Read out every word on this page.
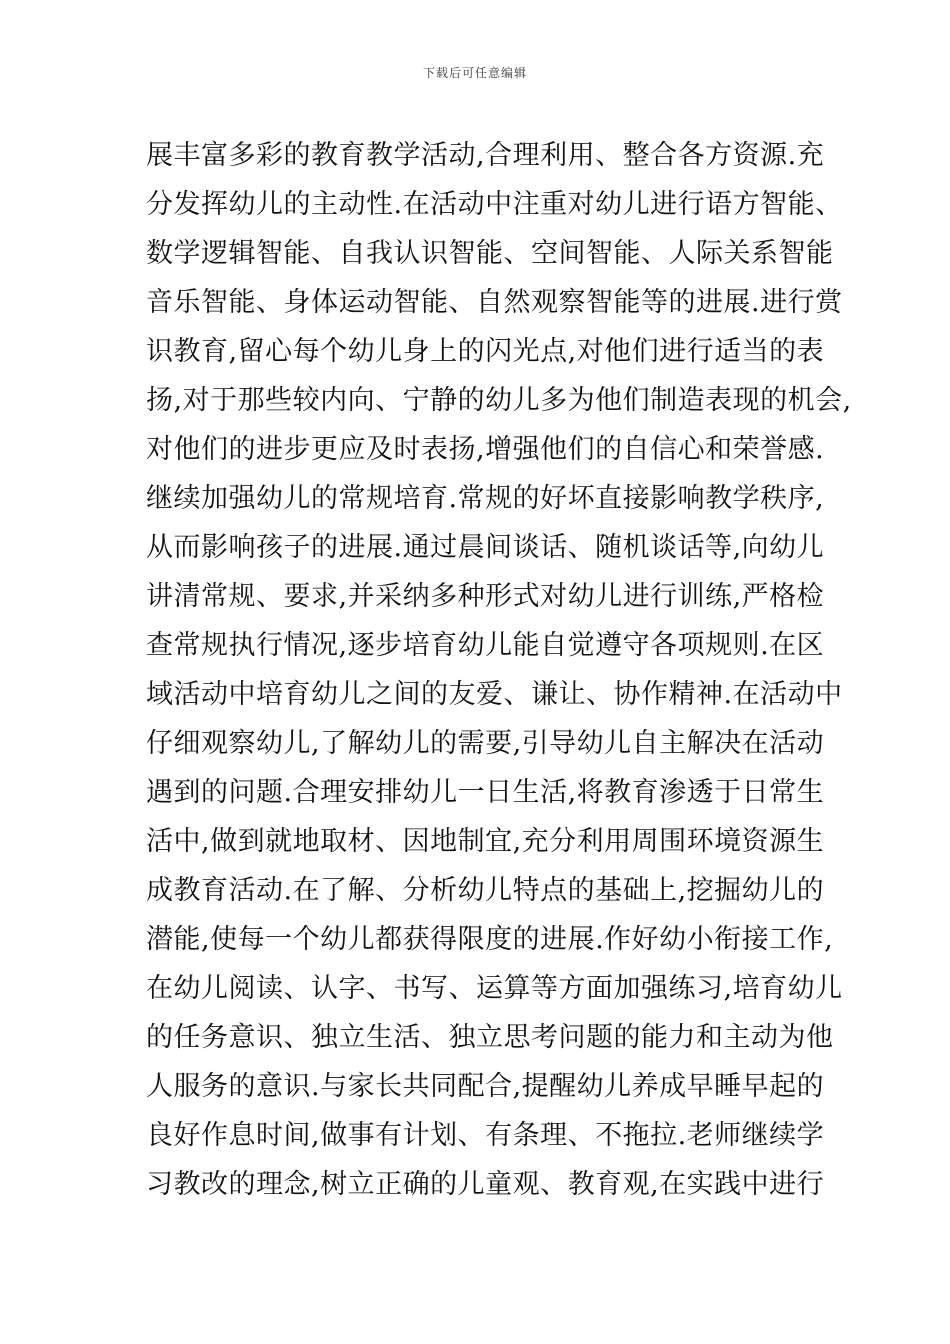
下载后可任意编辑
展丰富多彩的教育教学活动,合理利用、整合各方资源.充
分发挥幼儿的主动性.在活动中注重对幼儿进行语方智能、
数学逻辑智能、自我认识智能、空间智能、人际关系智能
音乐智能、身体运动智能、自然观察智能等的进展.进行赏
识教育,留心每个幼儿身上的闪光点,对他们进行适当的表
扬,对于那些较内向、宁静的幼儿多为他们制造表现的机会,
对他们的进步更应及时表扬,增强他们的自信心和荣誉感.
继续加强幼儿的常规培育.常规的好坏直接影响教学秩序,
从而影响孩子的进展.通过晨间谈话、随机谈话等,向幼儿
讲清常规、要求,并采纳多种形式对幼儿进行训练,严格检
查常规执行情况,逐步培育幼儿能自觉遵守各项规则.在区
域活动中培育幼儿之间的友爱、谦让、协作精神.在活动中
仔细观察幼儿,了解幼儿的需要,引导幼儿自主解决在活动
遇到的问题.合理安排幼儿一日生活,将教育渗透于日常生
活中,做到就地取材、因地制宜,充分利用周围环境资源生
成教育活动.在了解、分析幼儿特点的基础上,挖掘幼儿的
潜能,使每一个幼儿都获得限度的进展.作好幼小衔接工作,
在幼儿阅读、认字、书写、运算等方面加强练习,培育幼儿
的任务意识、独立生活、独立思考问题的能力和主动为他
人服务的意识.与家长共同配合,提醒幼儿养成早睡早起的
良好作息时间,做事有计划、有条理、不拖拉.老师继续学
习教改的理念,树立正确的儿童观、教育观,在实践中进行
